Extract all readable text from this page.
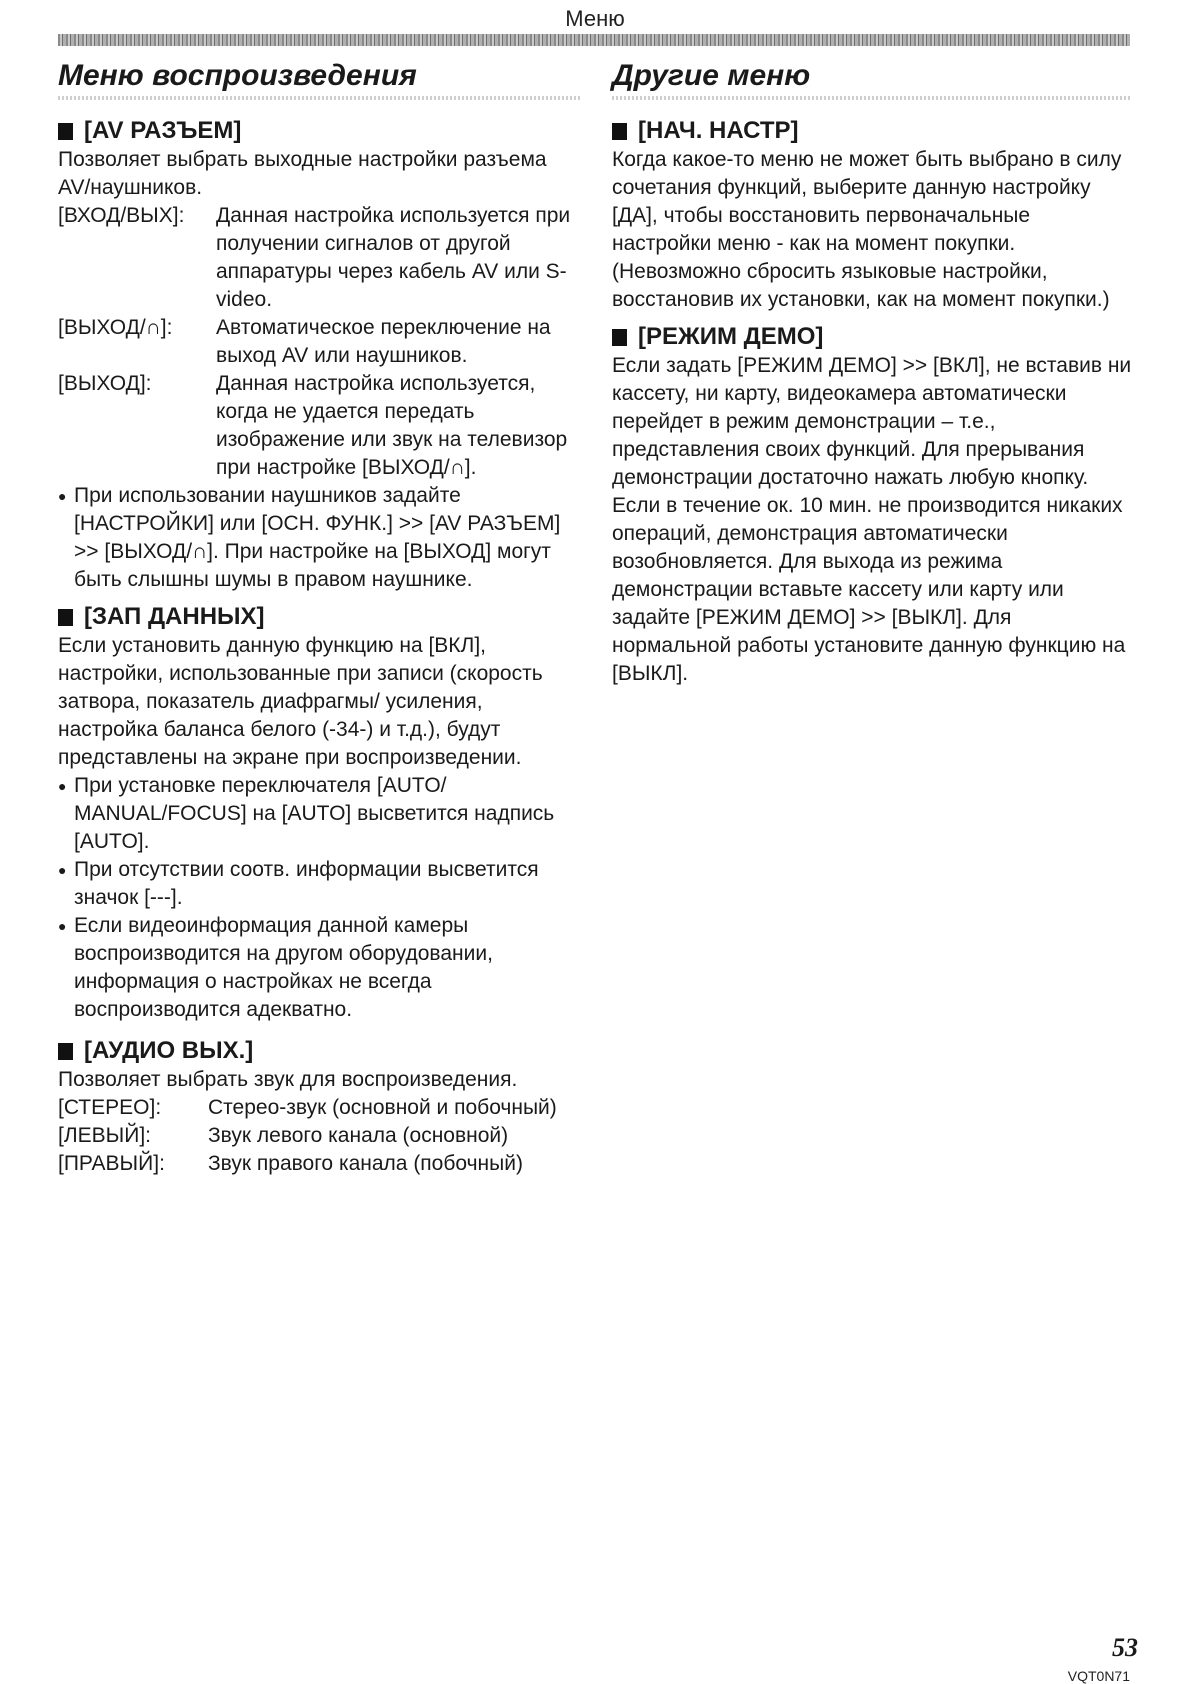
Меню
Меню воспроизведения
[AV РАЗЪЕМ]
Позволяет выбрать выходные настройки разъема AV/наушников.
[ВХОД/ВЫХ]:	Данная настройка используется при получении сигналов от другой аппаратуры через кабель AV или S-video.
[ВЫХОД/∩]:	Автоматическое переключение на выход AV или наушников.
[ВЫХОД]:	Данная настройка используется, когда не удается передать изображение или звук на телевизор при настройке [ВЫХОД/∩].
● При использовании наушников задайте [НАСТРОЙКИ] или [ОСН. ФУНК.] >> [AV РАЗЪЕМ] >> [ВЫХОД/∩]. При настройке на [ВЫХОД] могут быть слышны шумы в правом наушнике.
[ЗАП ДАННЫХ]
Если установить данную функцию на [ВКЛ], настройки, использованные при записи (скорость затвора, показатель диафрагмы/ усиления, настройка баланса белого (-34-) и т.д.), будут представлены на экране при воспроизведении.
● При установке переключателя [AUTO/ MANUAL/FOCUS] на [AUTO] высветится надпись [AUTO].
● При отсутствии соотв. информации высветится значок [---].
● Если видеоинформация данной камеры воспроизводится на другом оборудовании, информация о настройках не всегда воспроизводится адекватно.
[АУДИО ВЫХ.]
Позволяет выбрать звук для воспроизведения.
[СТЕРЕО]:	Стерео-звук (основной и побочный)
[ЛЕВЫЙ]:	Звук левого канала (основной)
[ПРАВЫЙ]:	Звук правого канала (побочный)
Другие меню
[НАЧ. НАСТР]
Когда какое-то меню не может быть выбрано в силу сочетания функций, выберите данную настройку [ДА], чтобы восстановить первоначальные настройки меню - как на момент покупки. (Невозможно сбросить языковые настройки, восстановив их установки, как на момент покупки.)
[РЕЖИМ ДЕМО]
Если задать [РЕЖИМ ДЕМО] >> [ВКЛ], не вставив ни кассету, ни карту, видеокамера автоматически перейдет в режим демонстрации – т.е., представления своих функций. Для прерывания демонстрации достаточно нажать любую кнопку. Если в течение ок. 10 мин. не производится никаких операций, демонстрация автоматически возобновляется. Для выхода из режима демонстрации вставьте кассету или карту или задайте [РЕЖИМ ДЕМО] >> [ВЫКЛ]. Для нормальной работы установите данную функцию на [ВЫКЛ].
53
VQT0N71
